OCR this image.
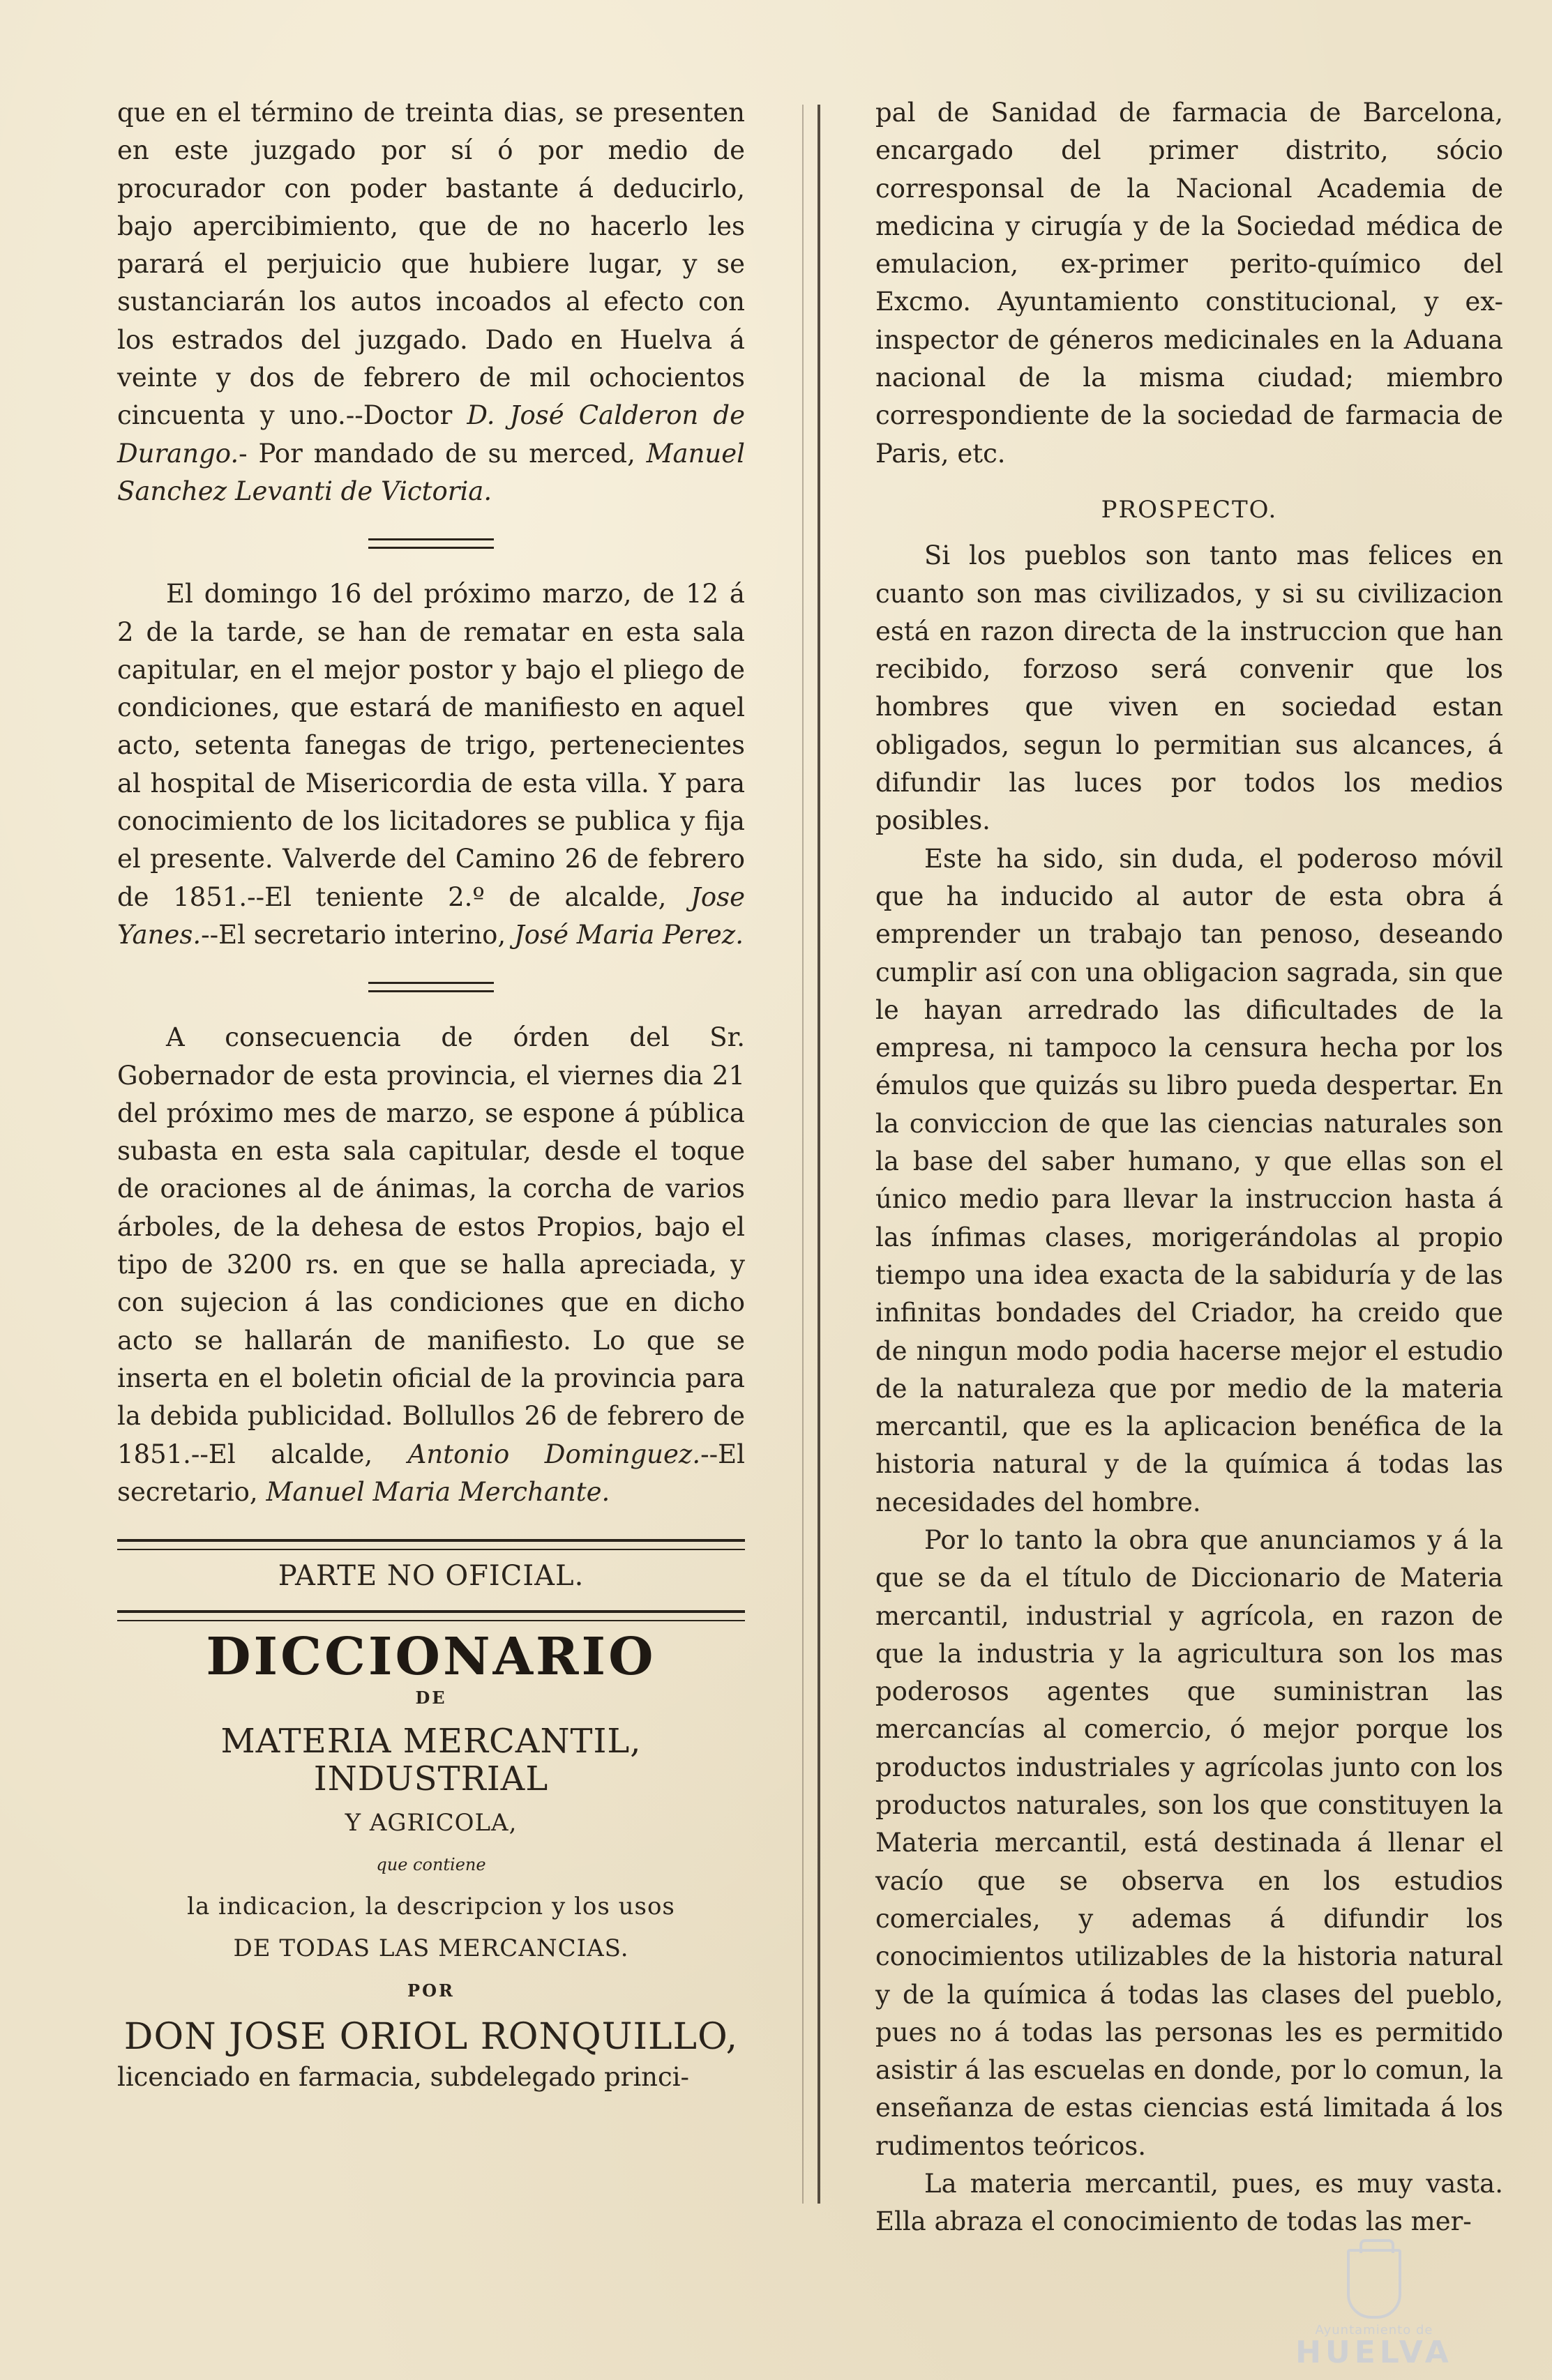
que en el término de treinta dias, se presenten en este juzgado por sí ó por medio de procurador con poder bastante á deducirlo, bajo apercibimiento, que de no hacerlo les parará el perjuicio que hubiere lugar, y se sustanciarán los autos incoados al efecto con los estrados del juzgado. Dado en Huelva á veinte y dos de febrero de mil ochocientos cincuenta y uno.--Doctor D. José Calderon de Durango.- Por mandado de su merced, Manuel Sanchez Levanti de Victoria.

El domingo 16 del próximo marzo, de 12 á 2 de la tarde, se han de rematar en esta sala capitular, en el mejor postor y bajo el pliego de condiciones, que estará de manifiesto en aquel acto, setenta fanegas de trigo, pertenecientes al hospital de Misericordia de esta villa. Y para conocimiento de los licitadores se publica y fija el presente. Valverde del Camino 26 de febrero de 1851.--El teniente 2.º de alcalde, Jose Yanes.--El secretario interino, José Maria Perez.

A consecuencia de órden del Sr. Gobernador de esta provincia, el viernes dia 21 del próximo mes de marzo, se espone á pública subasta en esta sala capitular, desde el toque de oraciones al de ánimas, la corcha de varios árboles, de la dehesa de estos Propios, bajo el tipo de 3200 rs. en que se halla apreciada, y con sujecion á las condiciones que en dicho acto se hallarán de manifiesto. Lo que se inserta en el boletin oficial de la provincia para la debida publicidad. Bollullos 26 de febrero de 1851.--El alcalde, Antonio Dominguez.--El secretario, Manuel Maria Merchante.

PARTE NO OFICIAL.
DICCIONARIO
DE
MATERIA MERCANTIL, INDUSTRIAL
Y AGRICOLA,
que contiene
la indicacion, la descripcion y los usos
DE TODAS LAS MERCANCIAS.
POR
DON JOSE ORIOL RONQUILLO,

licenciado en farmacia, subdelegado princi-

pal de Sanidad de farmacia de Barcelona, encargado del primer distrito, sócio corresponsal de la Nacional Academia de medicina y cirugía y de la Sociedad médica de emulacion, ex-primer perito-químico del Excmo. Ayuntamiento constitucional, y ex-inspector de géneros medicinales en la Aduana nacional de la misma ciudad; miembro correspondiente de la sociedad de farmacia de Paris, etc.

PROSPECTO.

Si los pueblos son tanto mas felices en cuanto son mas civilizados, y si su civilizacion está en razon directa de la instruccion que han recibido, forzoso será convenir que los hombres que viven en sociedad estan obligados, segun lo permitian sus alcances, á difundir las luces por todos los medios posibles.

Este ha sido, sin duda, el poderoso móvil que ha inducido al autor de esta obra á emprender un trabajo tan penoso, deseando cumplir así con una obligacion sagrada, sin que le hayan arredrado las dificultades de la empresa, ni tampoco la censura hecha por los émulos que quizás su libro pueda despertar. En la conviccion de que las ciencias naturales son la base del saber humano, y que ellas son el único medio para llevar la instruccion hasta á las ínfimas clases, morigerándolas al propio tiempo una idea exacta de la sabiduría y de las infinitas bondades del Criador, ha creido que de ningun modo podia hacerse mejor el estudio de la naturaleza que por medio de la materia mercantil, que es la aplicacion benéfica de la historia natural y de la química á todas las necesidades del hombre.

Por lo tanto la obra que anunciamos y á la que se da el título de Diccionario de Materia mercantil, industrial y agrícola, en razon de que la industria y la agricultura son los mas poderosos agentes que suministran las mercancías al comercio, ó mejor porque los productos industriales y agrícolas junto con los productos naturales, son los que constituyen la Materia mercantil, está destinada á llenar el vacío que se observa en los estudios comerciales, y ademas á difundir los conocimientos utilizables de la historia natural y de la química á todas las clases del pueblo, pues no á todas las personas les es permitido asistir á las escuelas en donde, por lo comun, la enseñanza de estas ciencias está limitada á los rudimentos teóricos.

La materia mercantil, pues, es muy vasta. Ella abraza el conocimiento de todas las mer-

Ayuntamiento de
HUELVA
